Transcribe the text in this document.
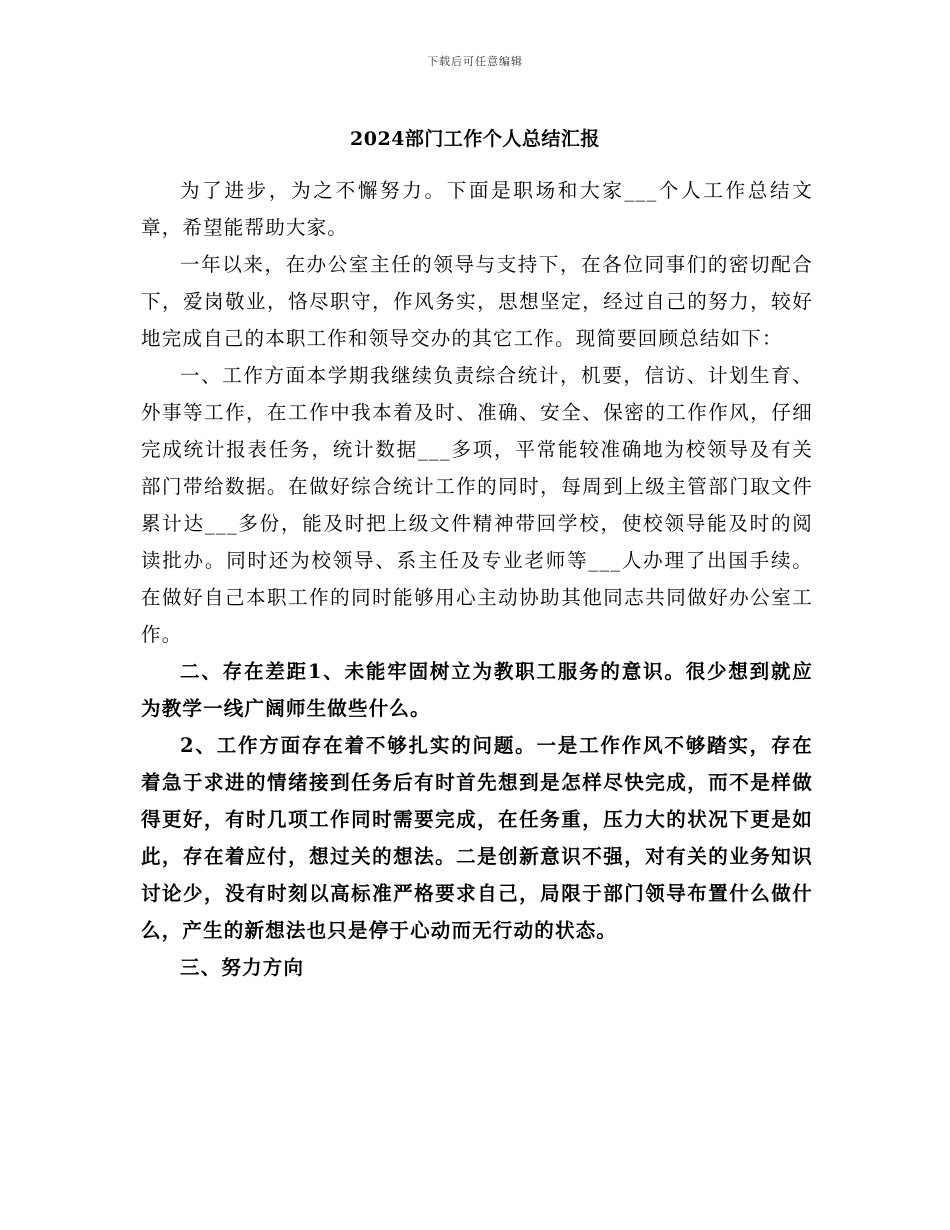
下载后可任意编辑
2024部门工作个人总结汇报

为了进步，为之不懈努力。下面是职场和大家___个人工作总结文章，希望能帮助大家。

一年以来，在办公室主任的领导与支持下，在各位同事们的密切配合下，爱岗敬业，恪尽职守，作风务实，思想坚定，经过自己的努力，较好地完成自己的本职工作和领导交办的其它工作。现简要回顾总结如下：

一、工作方面本学期我继续负责综合统计，机要，信访、计划生育、外事等工作，在工作中我本着及时、准确、安全、保密的工作作风，仔细完成统计报表任务，统计数据___多项，平常能较准确地为校领导及有关部门带给数据。在做好综合统计工作的同时，每周到上级主管部门取文件累计达___多份，能及时把上级文件精神带回学校，使校领导能及时的阅读批办。同时还为校领导、系主任及专业老师等___人办理了出国手续。在做好自己本职工作的同时能够用心主动协助其他同志共同做好办公室工作。

二、存在差距1、未能牢固树立为教职工服务的意识。很少想到就应为教学一线广阔师生做些什么。

2、工作方面存在着不够扎实的问题。一是工作作风不够踏实，存在着急于求进的情绪接到任务后有时首先想到是怎样尽快完成，而不是样做得更好，有时几项工作同时需要完成，在任务重，压力大的状况下更是如此，存在着应付，想过关的想法。二是创新意识不强，对有关的业务知识讨论少，没有时刻以高标准严格要求自己，局限于部门领导布置什么做什么，产生的新想法也只是停于心动而无行动的状态。

三、努力方向
